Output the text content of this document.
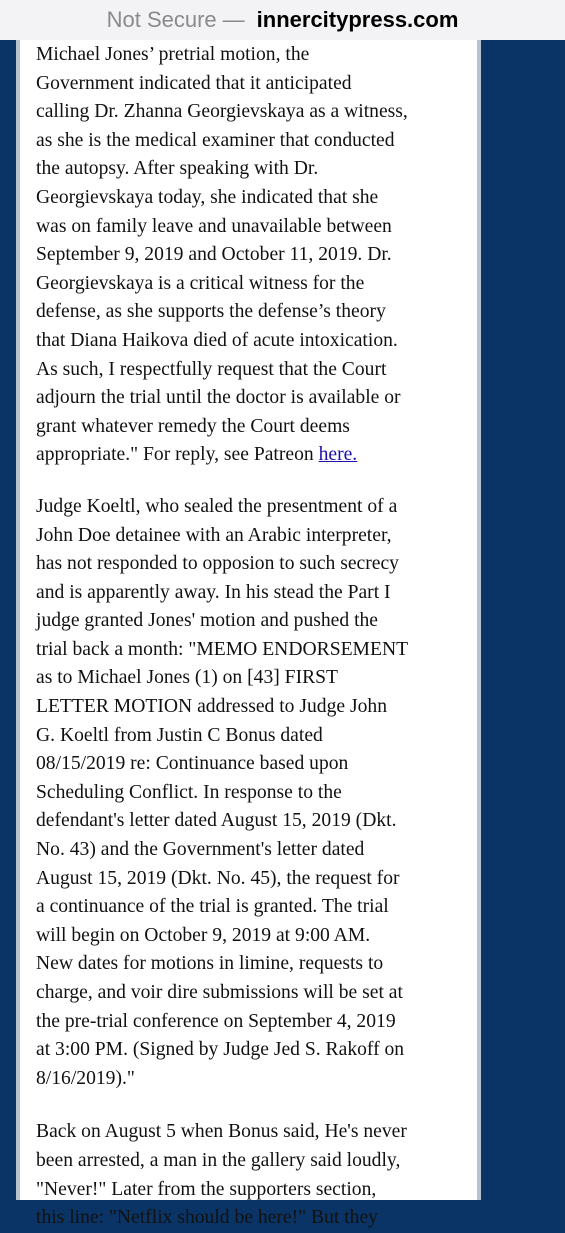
Not Secure — innercitypress.com

Michael Jones’ pretrial motion, the
Government indicated that it anticipated
calling Dr. Zhanna Georgievskaya as a witness,
as she is the medical examiner that conducted
the autopsy. After speaking with Dr.
Georgievskaya today, she indicated that she
was on family leave and unavailable between
September 9, 2019 and October 11, 2019. Dr.
Georgievskaya is a critical witness for the
defense, as she supports the defense’s theory
that Diana Haikova died of acute intoxication.
As such, I respectfully request that the Court
adjourn the trial until the doctor is available or
grant whatever remedy the Court deems
appropriate." For reply, see Patreon here.

Judge Koeltl, who sealed the presentment of a
John Doe detainee with an Arabic interpreter,
has not responded to opposion to such secrecy
and is apparently away. In his stead the Part I
judge granted Jones' motion and pushed the
trial back a month: "MEMO ENDORSEMENT
as to Michael Jones (1) on [43] FIRST
LETTER MOTION addressed to Judge John
G. Koeltl from Justin C Bonus dated
08/15/2019 re: Continuance based upon
Scheduling Conflict. In response to the
defendant's letter dated August 15, 2019 (Dkt.
No. 43) and the Government's letter dated
August 15, 2019 (Dkt. No. 45), the request for
a continuance of the trial is granted. The trial
will begin on October 9, 2019 at 9:00 AM.
New dates for motions in limine, requests to
charge, and voir dire submissions will be set at
the pre-trial conference on September 4, 2019
at 3:00 PM. (Signed by Judge Jed S. Rakoff on
8/16/2019)."

Back on August 5 when Bonus said, He's never
been arrested, a man in the gallery said loudly,
"Never!" Later from the supporters section,
this line: "Netflix should be here!" But they
